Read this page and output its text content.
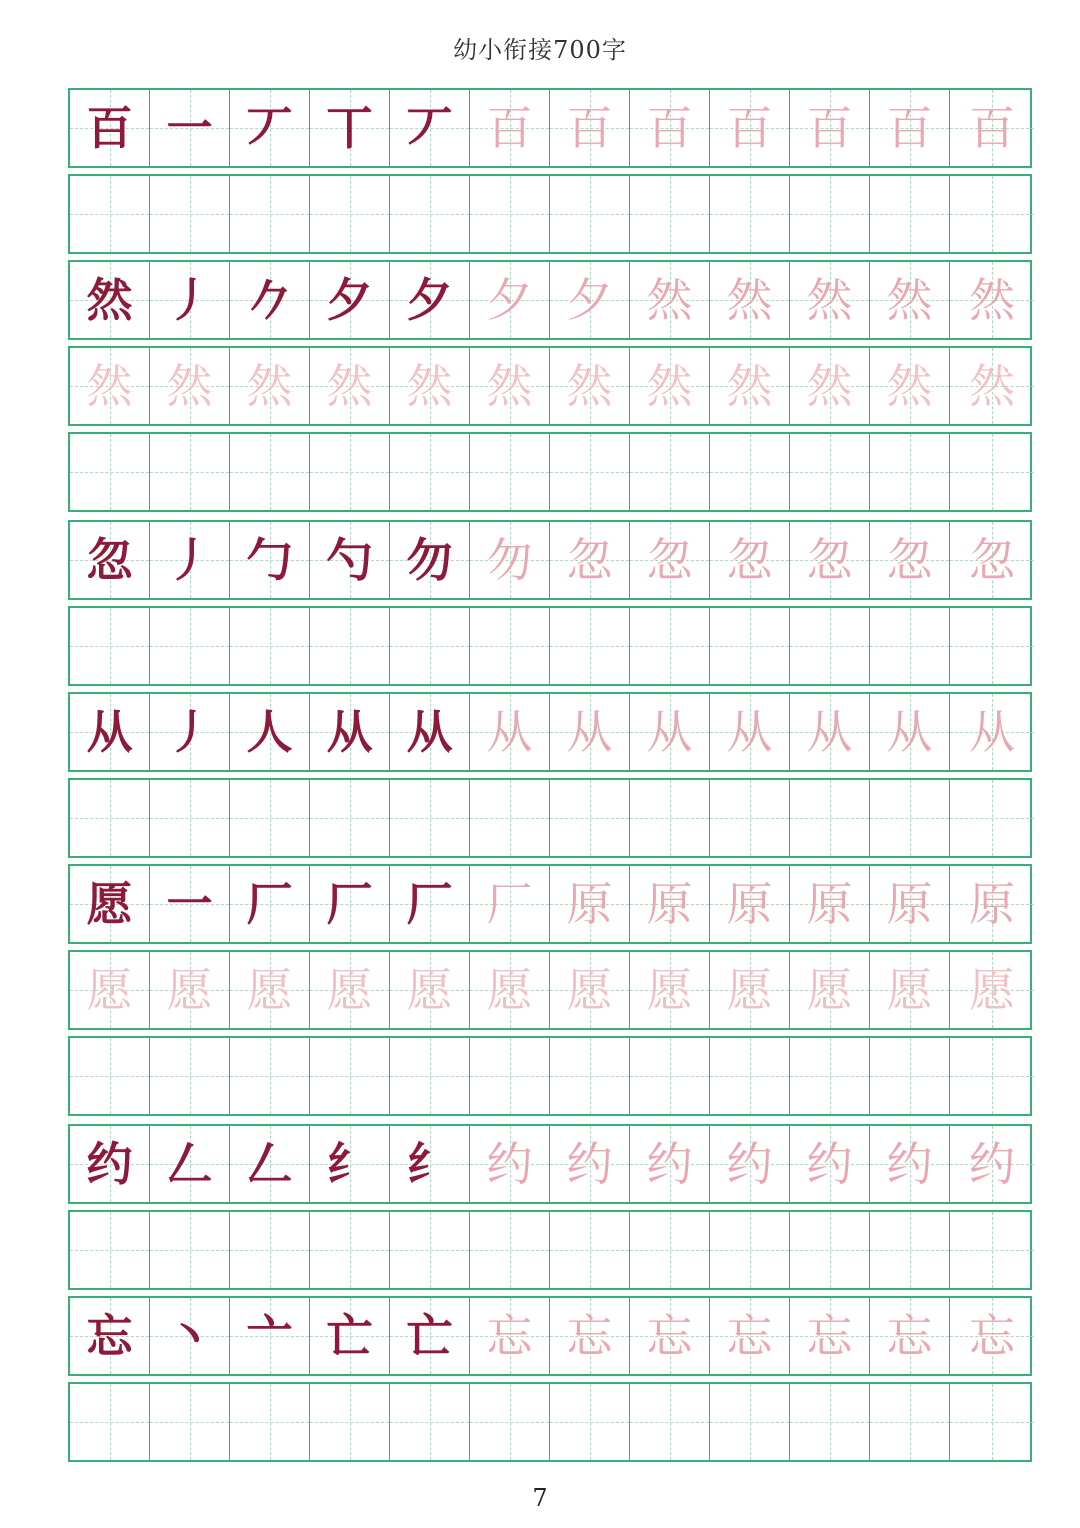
幼小衔接700字
百 一 丆 丅 丆 百 百 百 百 百 百 百
然 丿 𠂊 夕 夕 夕 夕 然 然 然 然 然
然 然 然 然 然 然 然 然 然 然 然 然
忽 丿 勹 勺 勿 勿 忽 忽 忽 忽 忽 忽
从 丿 人 从 从 从 从 从 从 从 从 从
愿 一 厂 厂 厂 厂 原 原 原 原 原 原
愿 愿 愿 愿 愿 愿 愿 愿 愿 愿 愿 愿
约 𠃋 𠃋 纟 纟 约 约 约 约 约 约 约
忘 丶 亠 亡 亡 忘 忘 忘 忘 忘 忘 忘
7
